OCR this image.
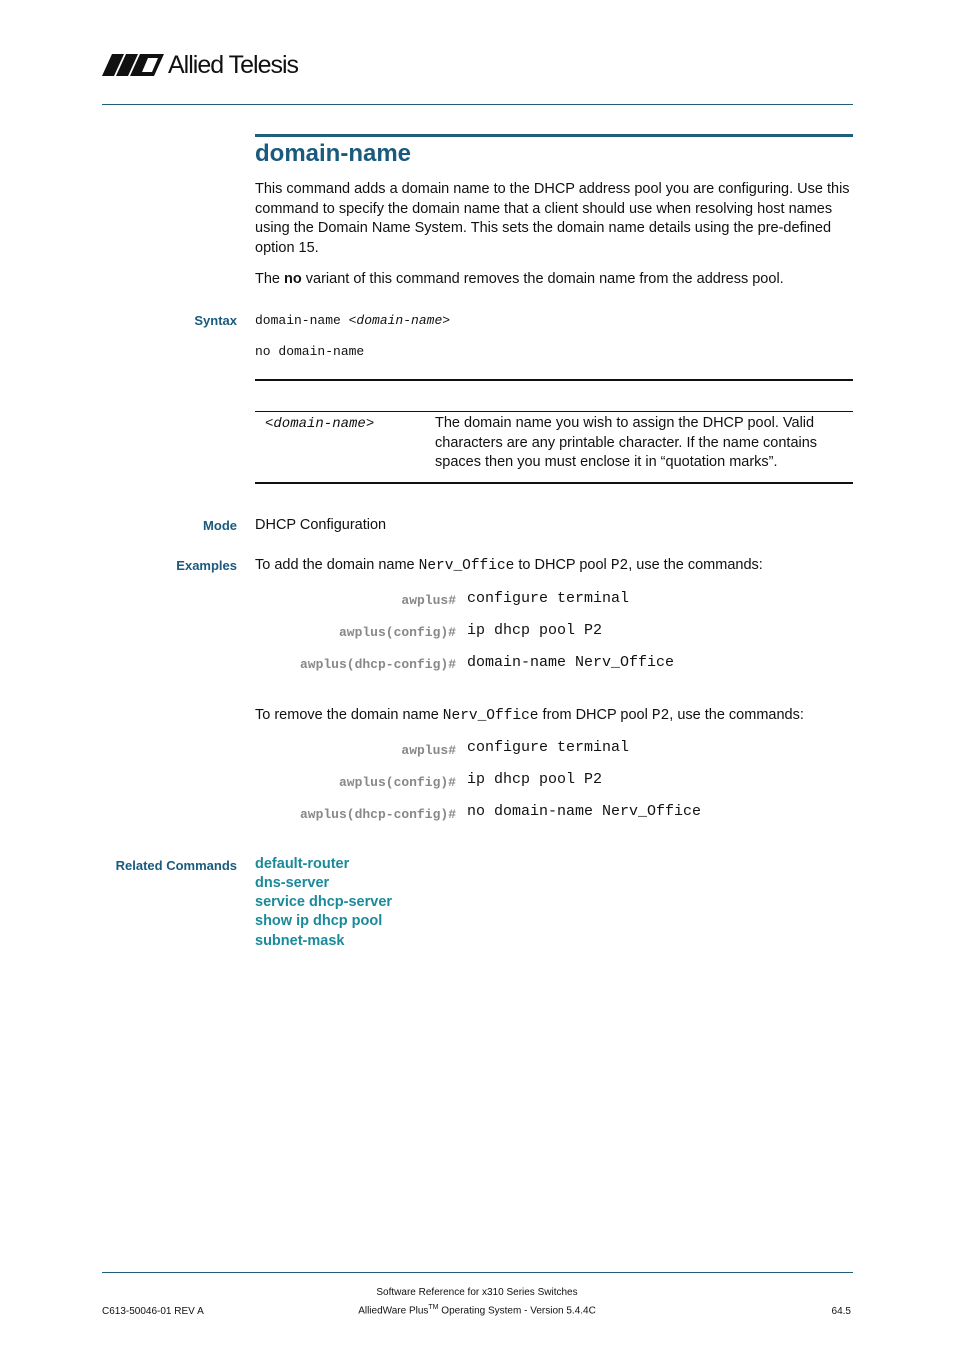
Allied Telesis
domain-name
This command adds a domain name to the DHCP address pool you are configuring. Use this command to specify the domain name that a client should use when resolving host names using the Domain Name System. This sets the domain name details using the pre-defined option 15.
The no variant of this command removes the domain name from the address pool.
Syntax domain-name <domain-name>
no domain-name
<domain-name>	The domain name you wish to assign the DHCP pool. Valid characters are any printable character. If the name contains spaces then you must enclose it in “quotation marks”.
Mode DHCP Configuration
Examples To add the domain name Nerv_Office to DHCP pool P2, use the commands:
awplus# configure terminal
awplus(config)# ip dhcp pool P2
awplus(dhcp-config)# domain-name Nerv_Office
To remove the domain name Nerv_Office from DHCP pool P2, use the commands:
awplus# configure terminal
awplus(config)# ip dhcp pool P2
awplus(dhcp-config)# no domain-name Nerv_Office
Related Commands default-router
dns-server
service dhcp-server
show ip dhcp pool
subnet-mask
Software Reference for x310 Series Switches
AlliedWare Plus™ Operating System - Version 5.4.4C
C613-50046-01 REV A	64.5
